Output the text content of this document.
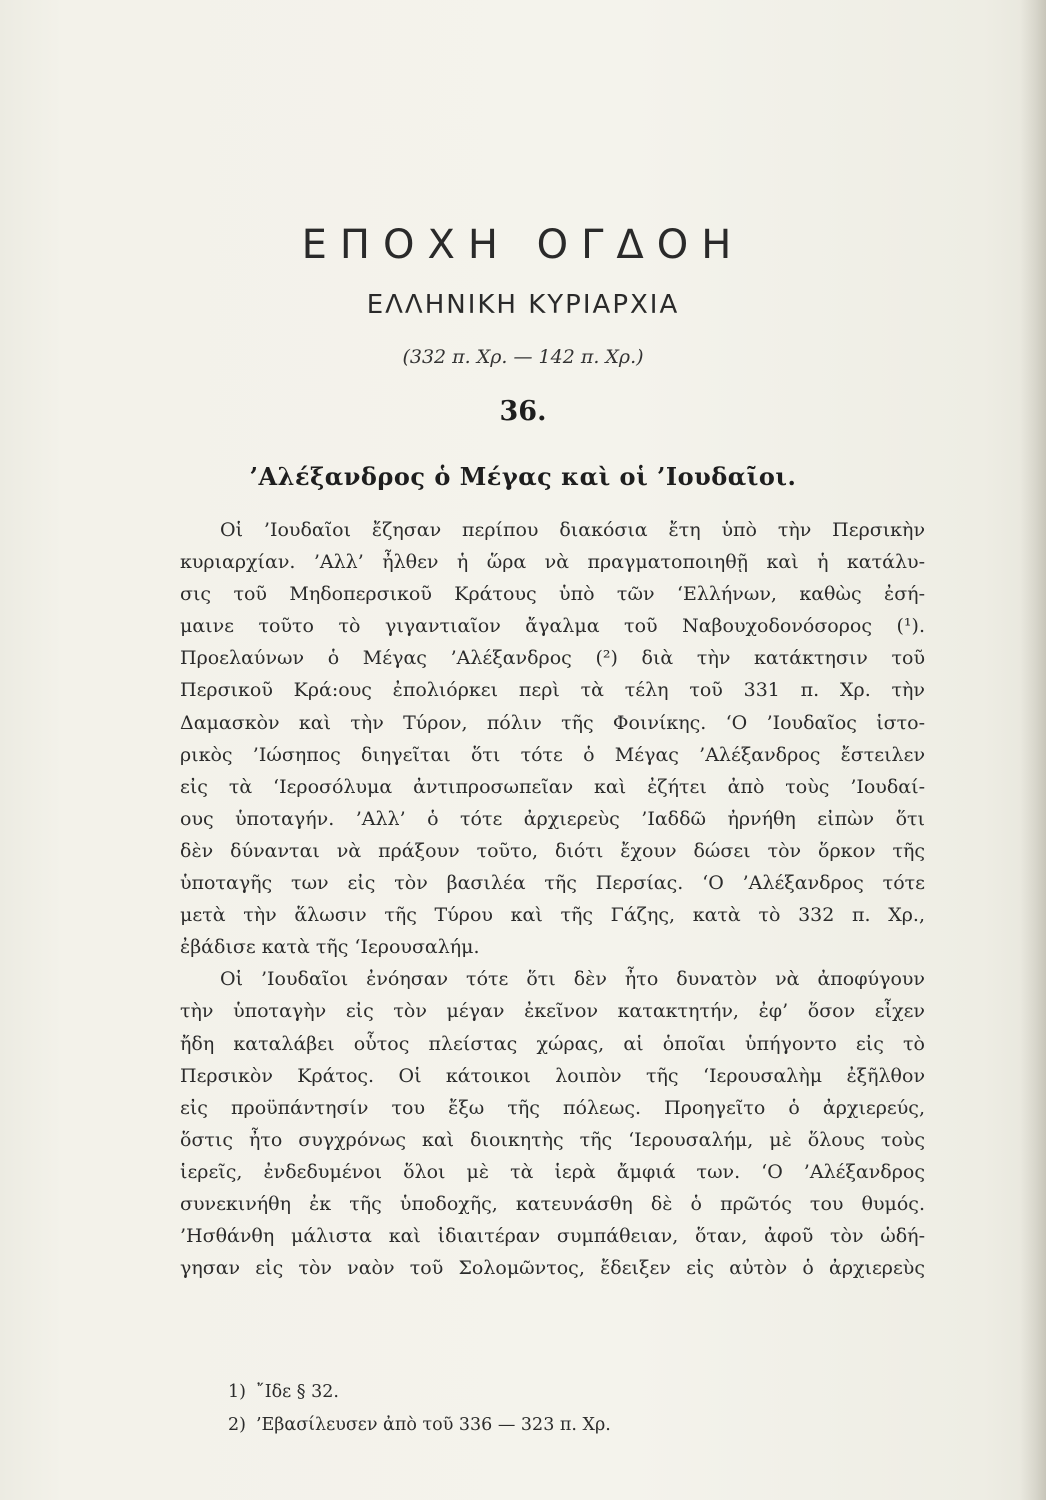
ΕΠΟΧΗ ΟΓΔΟΗ
ΕΛΛΗΝΙΚΗ ΚΥΡΙΑΡΧΙΑ
(332 π. Χρ. — 142 π. Χρ.)
36.
’Αλέξανδρος ὁ Μέγας καὶ οἱ ’Ιουδαῖοι.
Οἱ ’Ιουδαῖοι ἔζησαν περίπου διακόσια ἔτη ὑπὸ τὴν Περσικὴν
κυριαρχίαν. ’Αλλ’ ἦλθεν ἡ ὥρα νὰ πραγματοποιηθῇ καὶ ἡ κατάλυ-
σις τοῦ Μηδοπερσικοῦ Κράτους ὑπὸ τῶν ‘Ελλήνων, καθὼς ἐσή-
μαινε τοῦτο τὸ γιγαντιαῖον ἄγαλμα τοῦ Ναβουχοδονόσορος (¹).
Προελαύνων ὁ Μέγας ’Αλέξανδρος (²) διὰ τὴν κατάκτησιν τοῦ
Περσικοῦ Κρά:ους ἐπολιόρκει περὶ τὰ τέλη τοῦ 331 π. Χρ. τὴν
Δαμασκὸν καὶ τὴν Τύρον, πόλιν τῆς Φοινίκης. ‘Ο ’Ιουδαῖος ἱστο-
ρικὸς ’Ιώσηπος διηγεῖται ὅτι τότε ὁ Μέγας ’Αλέξανδρος ἔστειλεν
εἰς τὰ ‘Ιεροσόλυμα ἀντιπροσωπεῖαν καὶ ἐζήτει ἀπὸ τοὺς ’Ιουδαί-
ους ὑποταγήν. ’Αλλ’ ὁ τότε ἀρχιερεὺς ’Ιαδδῶ ἠρνήθη εἰπὼν ὅτι
δὲν δύνανται νὰ πράξουν τοῦτο, διότι ἔχουν δώσει τὸν ὅρκον τῆς
ὑποταγῆς των εἰς τὸν βασιλέα τῆς Περσίας. ‘Ο ’Αλέξανδρος τότε
μετὰ τὴν ἅλωσιν τῆς Τύρου καὶ τῆς Γάζης, κατὰ τὸ 332 π. Χρ.,
ἐβάδισε κατὰ τῆς ‘Ιερουσαλήμ.
Οἱ ’Ιουδαῖοι ἐνόησαν τότε ὅτι δὲν ἦτο δυνατὸν νὰ ἀποφύγουν
τὴν ὑποταγὴν εἰς τὸν μέγαν ἐκεῖνον κατακτητήν, ἐφ’ ὅσον εἶχεν
ἤδη καταλάβει οὗτος πλείστας χώρας, αἱ ὁποῖαι ὑπήγοντο εἰς τὸ
Περσικὸν Κράτος. Οἱ κάτοικοι λοιπὸν τῆς ‘Ιερουσαλὴμ ἐξῆλθον
εἰς προϋπάντησίν του ἔξω τῆς πόλεως. Προηγεῖτο ὁ ἀρχιερεύς,
ὅστις ἦτο συγχρόνως καὶ διοικητὴς τῆς ‘Ιερουσαλήμ, μὲ ὅλους τοὺς
ἱερεῖς, ἐνδεδυμένοι ὅλοι μὲ τὰ ἱερὰ ἄμφιά των. ‘Ο ’Αλέξανδρος
συνεκινήθη ἐκ τῆς ὑποδοχῆς, κατευνάσθη δὲ ὁ πρῶτός του θυμός.
’Ησθάνθη μάλιστα καὶ ἰδιαιτέραν συμπάθειαν, ὅταν, ἀφοῦ τὸν ὡδή-
γησαν εἰς τὸν ναὸν τοῦ Σολομῶντος, ἔδειξεν εἰς αὐτὸν ὁ ἀρχιερεὺς
1) ῎Ιδε § 32.
2) ’Εβασίλευσεν ἀπὸ τοῦ 336 — 323 π. Χρ.
